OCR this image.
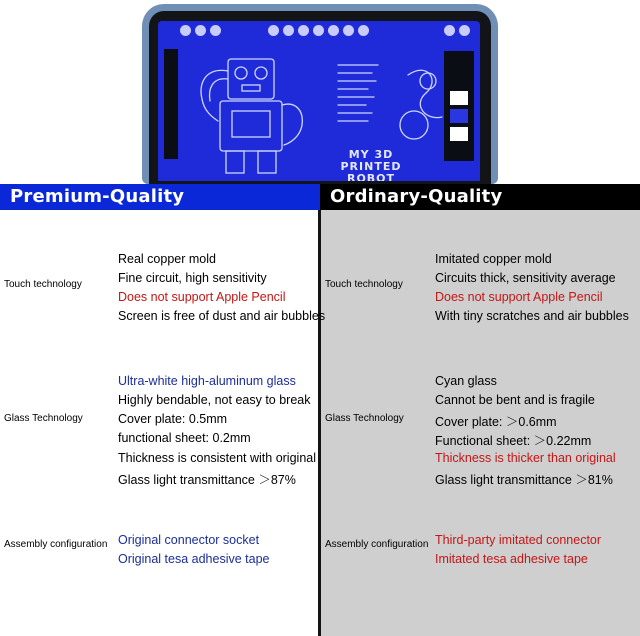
MY 3D PRINTED ROBOT
Premium-Quality	Ordinary-Quality
Touch technology
Real copper mold
Fine circuit, high sensitivity
Does not support Apple Pencil
Screen is free of dust and air bubbles
Glass Technology
Ultra-white high-aluminum glass
Highly bendable, not easy to break
Cover plate: 0.5mm
functional sheet: 0.2mm
Thickness is consistent with original
Glass light transmittance ＞87%
Assembly configuration Original connector socket
Original tesa adhesive tape
Touch technology
Imitated copper mold
Circuits thick, sensitivity average
Does not support Apple Pencil
With tiny scratches and air bubbles
Glass Technology
Cyan glass
Cannot be bent and is fragile
Cover plate: ＞0.6mm
Functional sheet: ＞0.22mm
Thickness is thicker than original
Glass light transmittance ＞81%
Assembly configuration Third-party imitated connector
Imitated tesa adhesive tape
